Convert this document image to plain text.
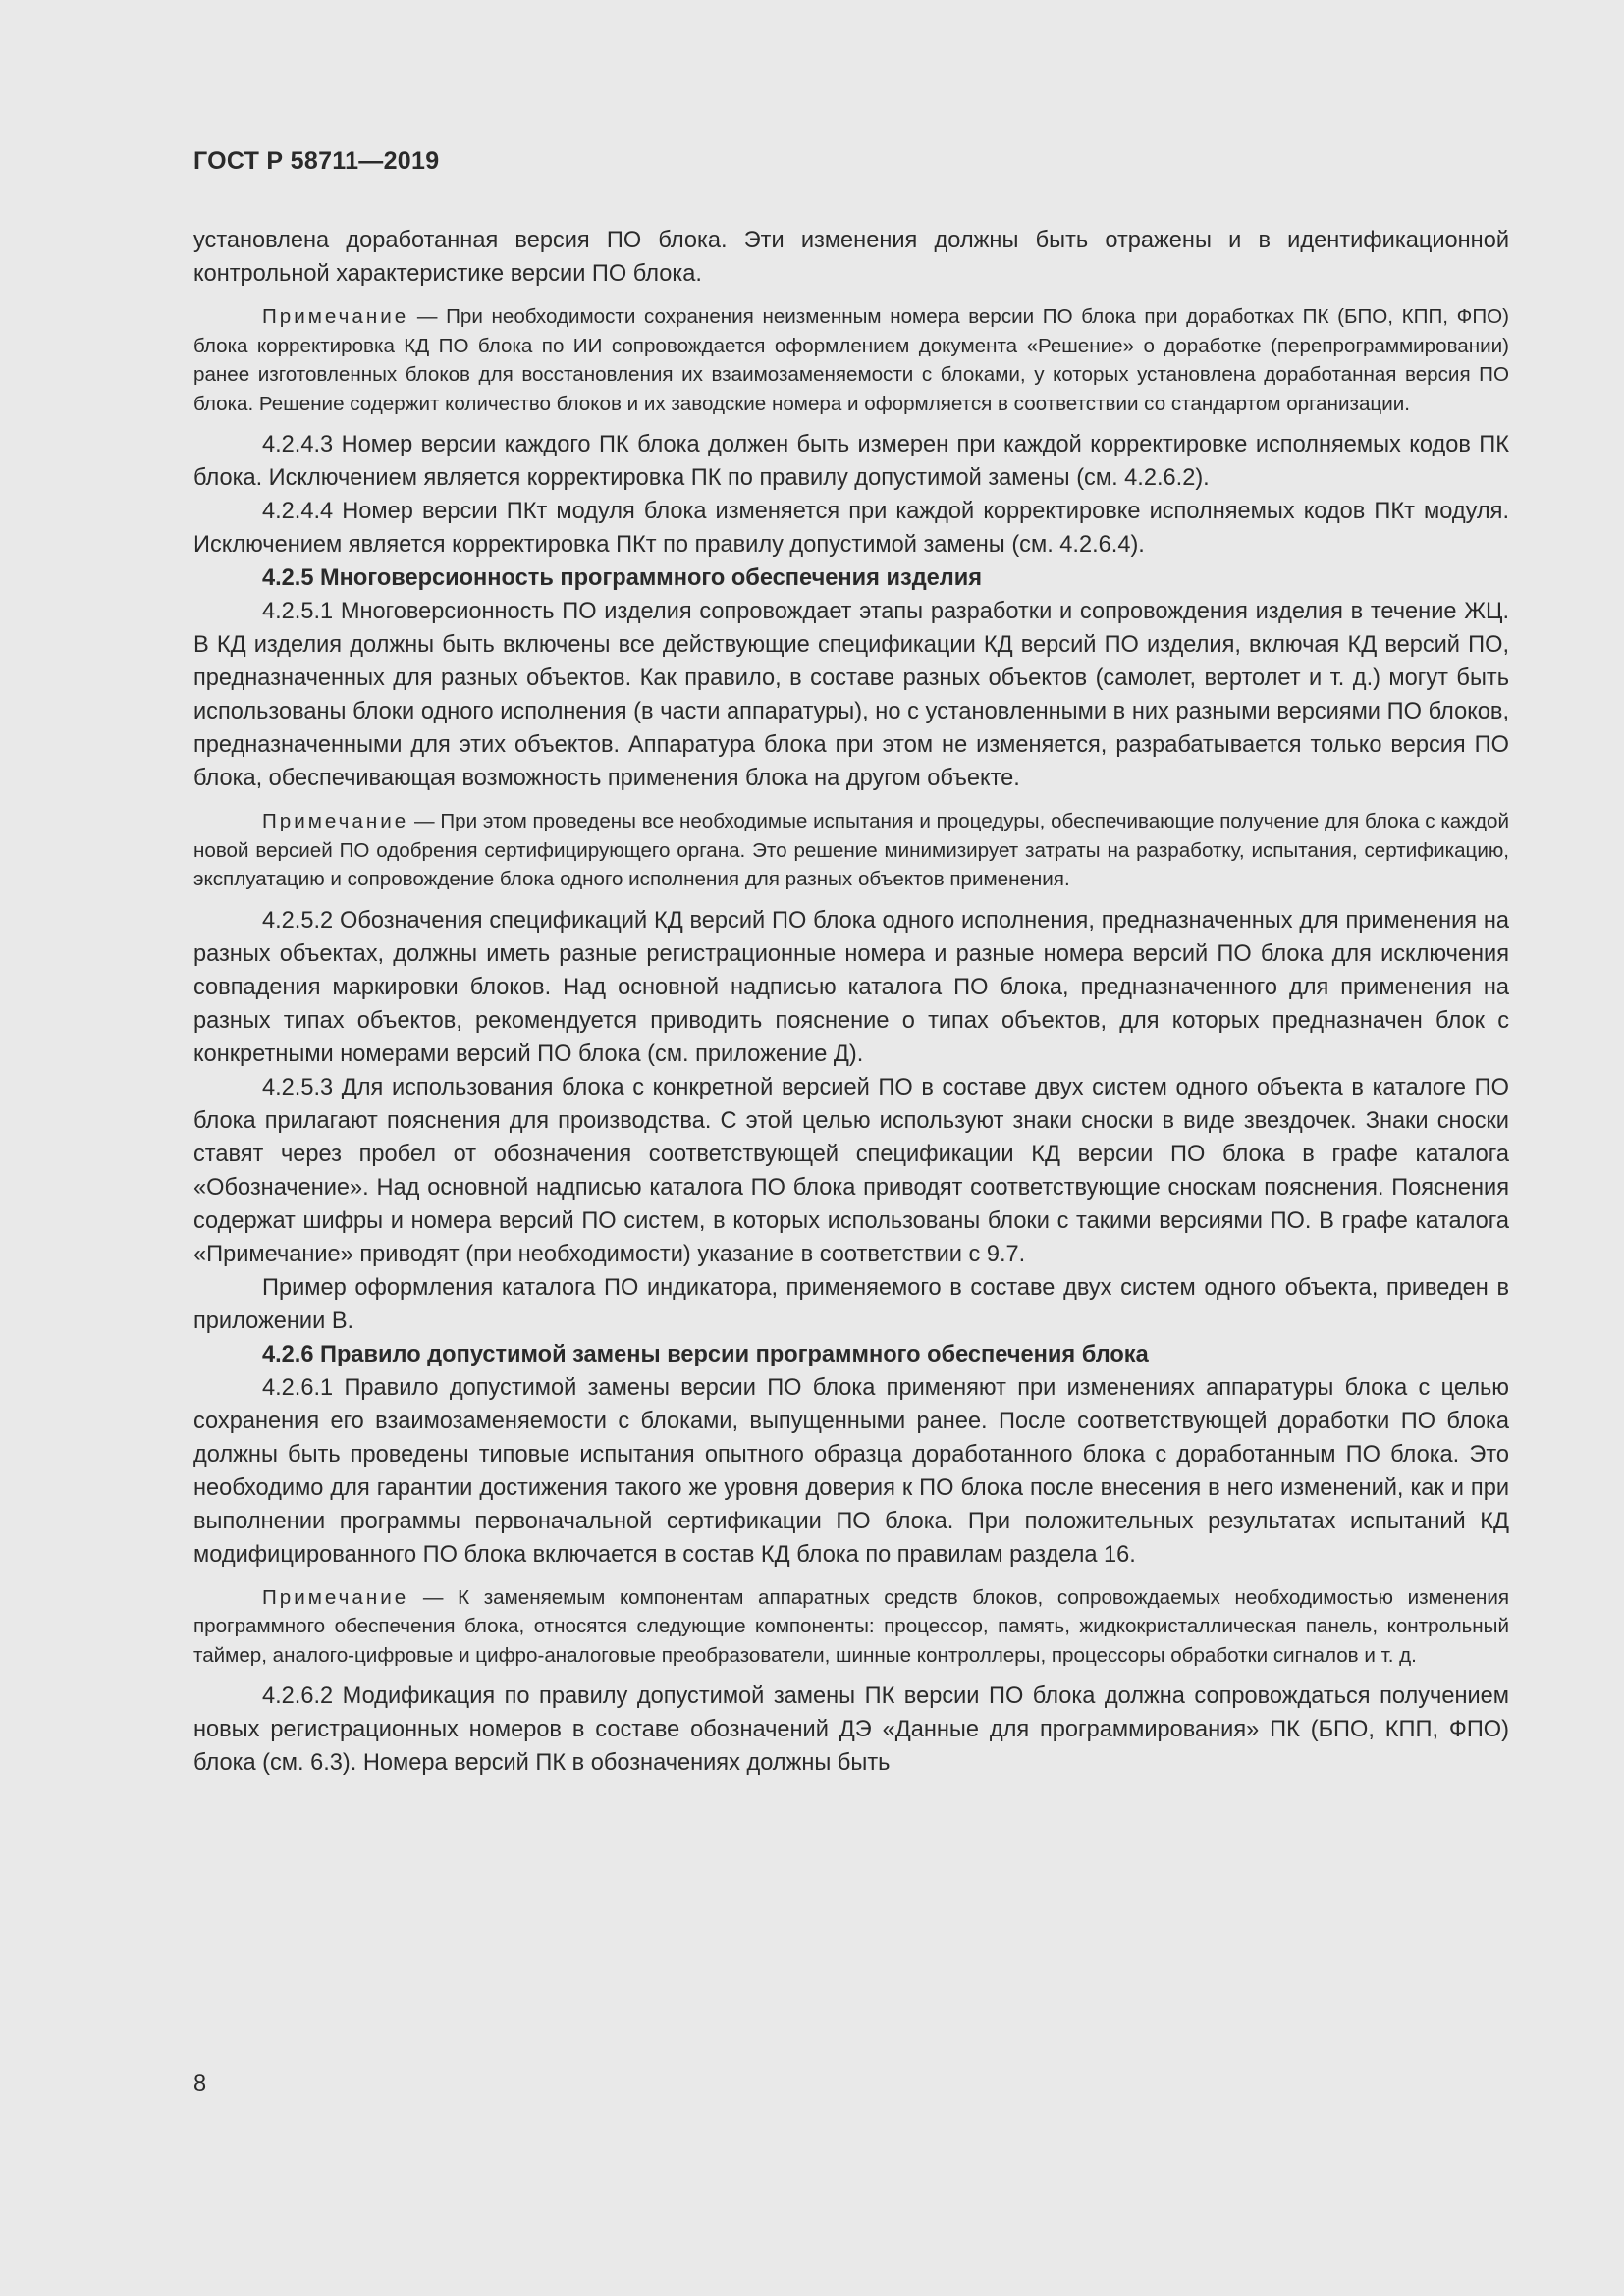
ГОСТ Р 58711—2019

установлена доработанная версия ПО блока. Эти изменения должны быть отражены и в идентификационной контрольной характеристике версии ПО блока.

Примечание — При необходимости сохранения неизменным номера версии ПО блока при доработках ПК (БПО, КПП, ФПО) блока корректировка КД ПО блока по ИИ сопровождается оформлением документа «Решение» о доработке (перепрограммировании) ранее изготовленных блоков для восстановления их взаимозаменяемости с блоками, у которых установлена доработанная версия ПО блока. Решение содержит количество блоков и их заводские номера и оформляется в соответствии со стандартом организации.

4.2.4.3 Номер версии каждого ПК блока должен быть измерен при каждой корректировке исполняемых кодов ПК блока. Исключением является корректировка ПК по правилу допустимой замены (см. 4.2.6.2).

4.2.4.4 Номер версии ПКт модуля блока изменяется при каждой корректировке исполняемых кодов ПКт модуля. Исключением является корректировка ПКт по правилу допустимой замены (см. 4.2.6.4).

4.2.5 Многоверсионность программного обеспечения изделия

4.2.5.1 Многоверсионность ПО изделия сопровождает этапы разработки и сопровождения изделия в течение ЖЦ. В КД изделия должны быть включены все действующие спецификации КД версий ПО изделия, включая КД версий ПО, предназначенных для разных объектов. Как правило, в составе разных объектов (самолет, вертолет и т. д.) могут быть использованы блоки одного исполнения (в части аппаратуры), но с установленными в них разными версиями ПО блоков, предназначенными для этих объектов. Аппаратура блока при этом не изменяется, разрабатывается только версия ПО блока, обеспечивающая возможность применения блока на другом объекте.

Примечание — При этом проведены все необходимые испытания и процедуры, обеспечивающие получение для блока с каждой новой версией ПО одобрения сертифицирующего органа. Это решение минимизирует затраты на разработку, испытания, сертификацию, эксплуатацию и сопровождение блока одного исполнения для разных объектов применения.

4.2.5.2 Обозначения спецификаций КД версий ПО блока одного исполнения, предназначенных для применения на разных объектах, должны иметь разные регистрационные номера и разные номера версий ПО блока для исключения совпадения маркировки блоков. Над основной надписью каталога ПО блока, предназначенного для применения на разных типах объектов, рекомендуется приводить пояснение о типах объектов, для которых предназначен блок с конкретными номерами версий ПО блока (см. приложение Д).

4.2.5.3 Для использования блока с конкретной версией ПО в составе двух систем одного объекта в каталоге ПО блока прилагают пояснения для производства. С этой целью используют знаки сноски в виде звездочек. Знаки сноски ставят через пробел от обозначения соответствующей спецификации КД версии ПО блока в графе каталога «Обозначение». Над основной надписью каталога ПО блока приводят соответствующие сноскам пояснения. Пояснения содержат шифры и номера версий ПО систем, в которых использованы блоки с такими версиями ПО. В графе каталога «Примечание» приводят (при необходимости) указание в соответствии с 9.7.

Пример оформления каталога ПО индикатора, применяемого в составе двух систем одного объекта, приведен в приложении В.

4.2.6 Правило допустимой замены версии программного обеспечения блока

4.2.6.1 Правило допустимой замены версии ПО блока применяют при изменениях аппаратуры блока с целью сохранения его взаимозаменяемости с блоками, выпущенными ранее. После соответствующей доработки ПО блока должны быть проведены типовые испытания опытного образца доработанного блока с доработанным ПО блока. Это необходимо для гарантии достижения такого же уровня доверия к ПО блока после внесения в него изменений, как и при выполнении программы первоначальной сертификации ПО блока. При положительных результатах испытаний КД модифицированного ПО блока включается в состав КД блока по правилам раздела 16.

Примечание — К заменяемым компонентам аппаратных средств блоков, сопровождаемых необходимостью изменения программного обеспечения блока, относятся следующие компоненты: процессор, память, жидкокристаллическая панель, контрольный таймер, аналого-цифровые и цифро-аналоговые преобразователи, шинные контроллеры, процессоры обработки сигналов и т. д.

4.2.6.2 Модификация по правилу допустимой замены ПК версии ПО блока должна сопровождаться получением новых регистрационных номеров в составе обозначений ДЭ «Данные для программирования» ПК (БПО, КПП, ФПО) блока (см. 6.3). Номера версий ПК в обозначениях должны быть

8
